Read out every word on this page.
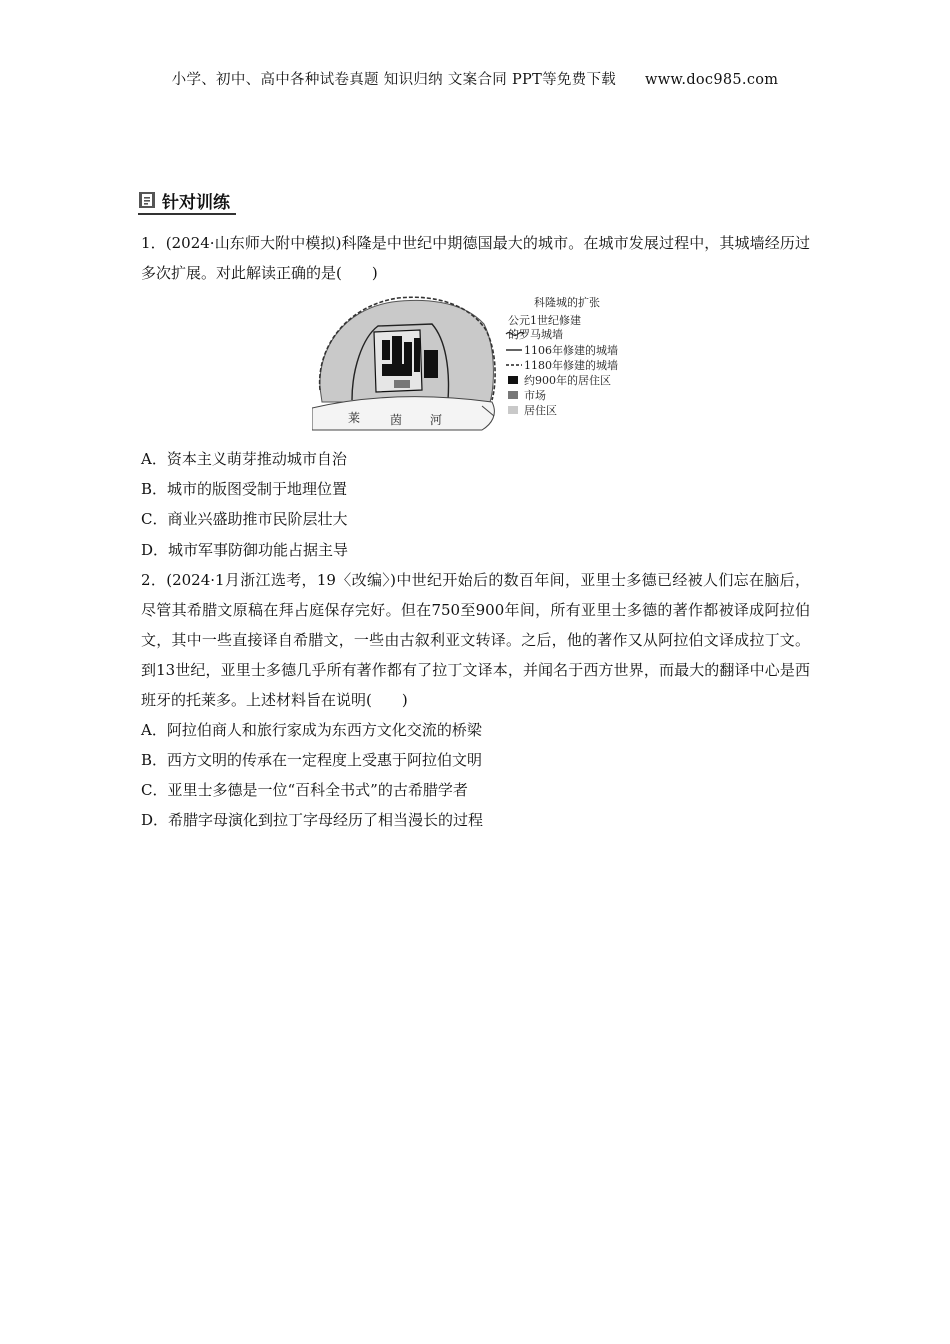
小学、初中、高中各种试卷真题 知识归纳 文案合同 PPT等免费下载 www.doc985.com
针对训练
1．(2024·山东师大附中模拟)科隆是中世纪中期德国最大的城市。在城市发展过程中，其城墙经历过多次扩展。对此解读正确的是(　　)
科隆城的扩张
莱 茵 河
公元1世纪修建
的罗马城墙
1106年修建的城墙
1180年修建的城墙
约900年的居住区
市场
居住区
A．资本主义萌芽推动城市自治
B．城市的版图受制于地理位置
C．商业兴盛助推市民阶层壮大
D．城市军事防御功能占据主导
2．(2024·1月浙江选考，19〈改编〉)中世纪开始后的数百年间，亚里士多德已经被人们忘在脑后，尽管其希腊文原稿在拜占庭保存完好。但在750至900年间，所有亚里士多德的著作都被译成阿拉伯文，其中一些直接译自希腊文，一些由古叙利亚文转译。之后，他的著作又从阿拉伯文译成拉丁文。到13世纪，亚里士多德几乎所有著作都有了拉丁文译本，并闻名于西方世界，而最大的翻译中心是西班牙的托莱多。上述材料旨在说明(　　)
A．阿拉伯商人和旅行家成为东西方文化交流的桥梁
B．西方文明的传承在一定程度上受惠于阿拉伯文明
C．亚里士多德是一位“百科全书式”的古希腊学者
D．希腊字母演化到拉丁字母经历了相当漫长的过程
